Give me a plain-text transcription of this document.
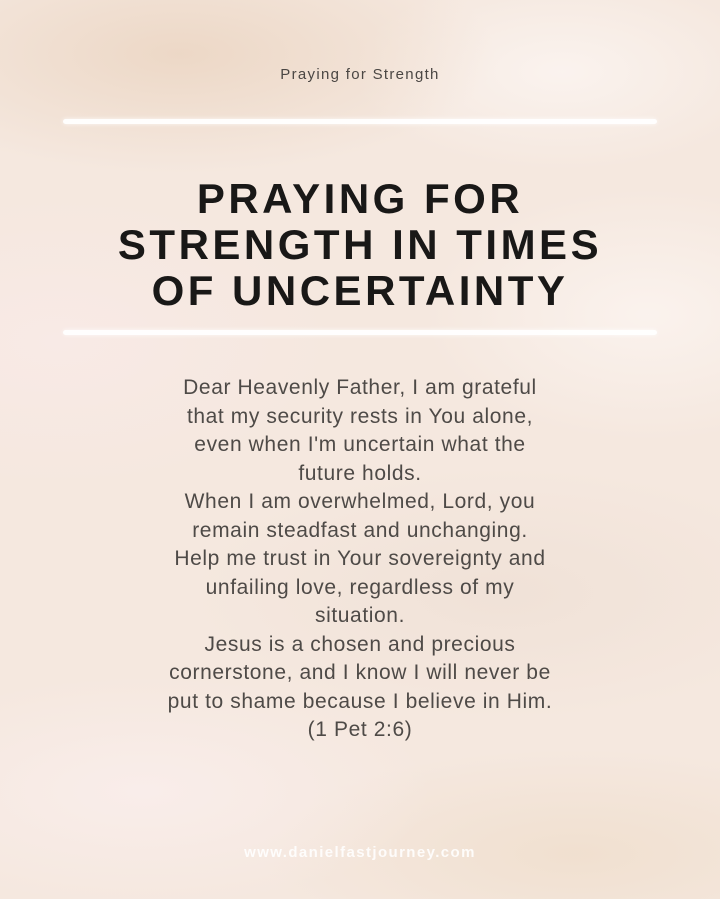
Praying for Strength
PRAYING FOR
STRENGTH IN TIMES
OF UNCERTAINTY
Dear Heavenly Father, I am grateful
that my security rests in You alone,
even when I'm uncertain what the
future holds.
When I am overwhelmed, Lord, you
remain steadfast and unchanging.
Help me trust in Your sovereignty and
unfailing love, regardless of my
situation.
Jesus is a chosen and precious
cornerstone, and I know I will never be
put to shame because I believe in Him.
(1 Pet 2:6)
www.danielfastjourney.com
